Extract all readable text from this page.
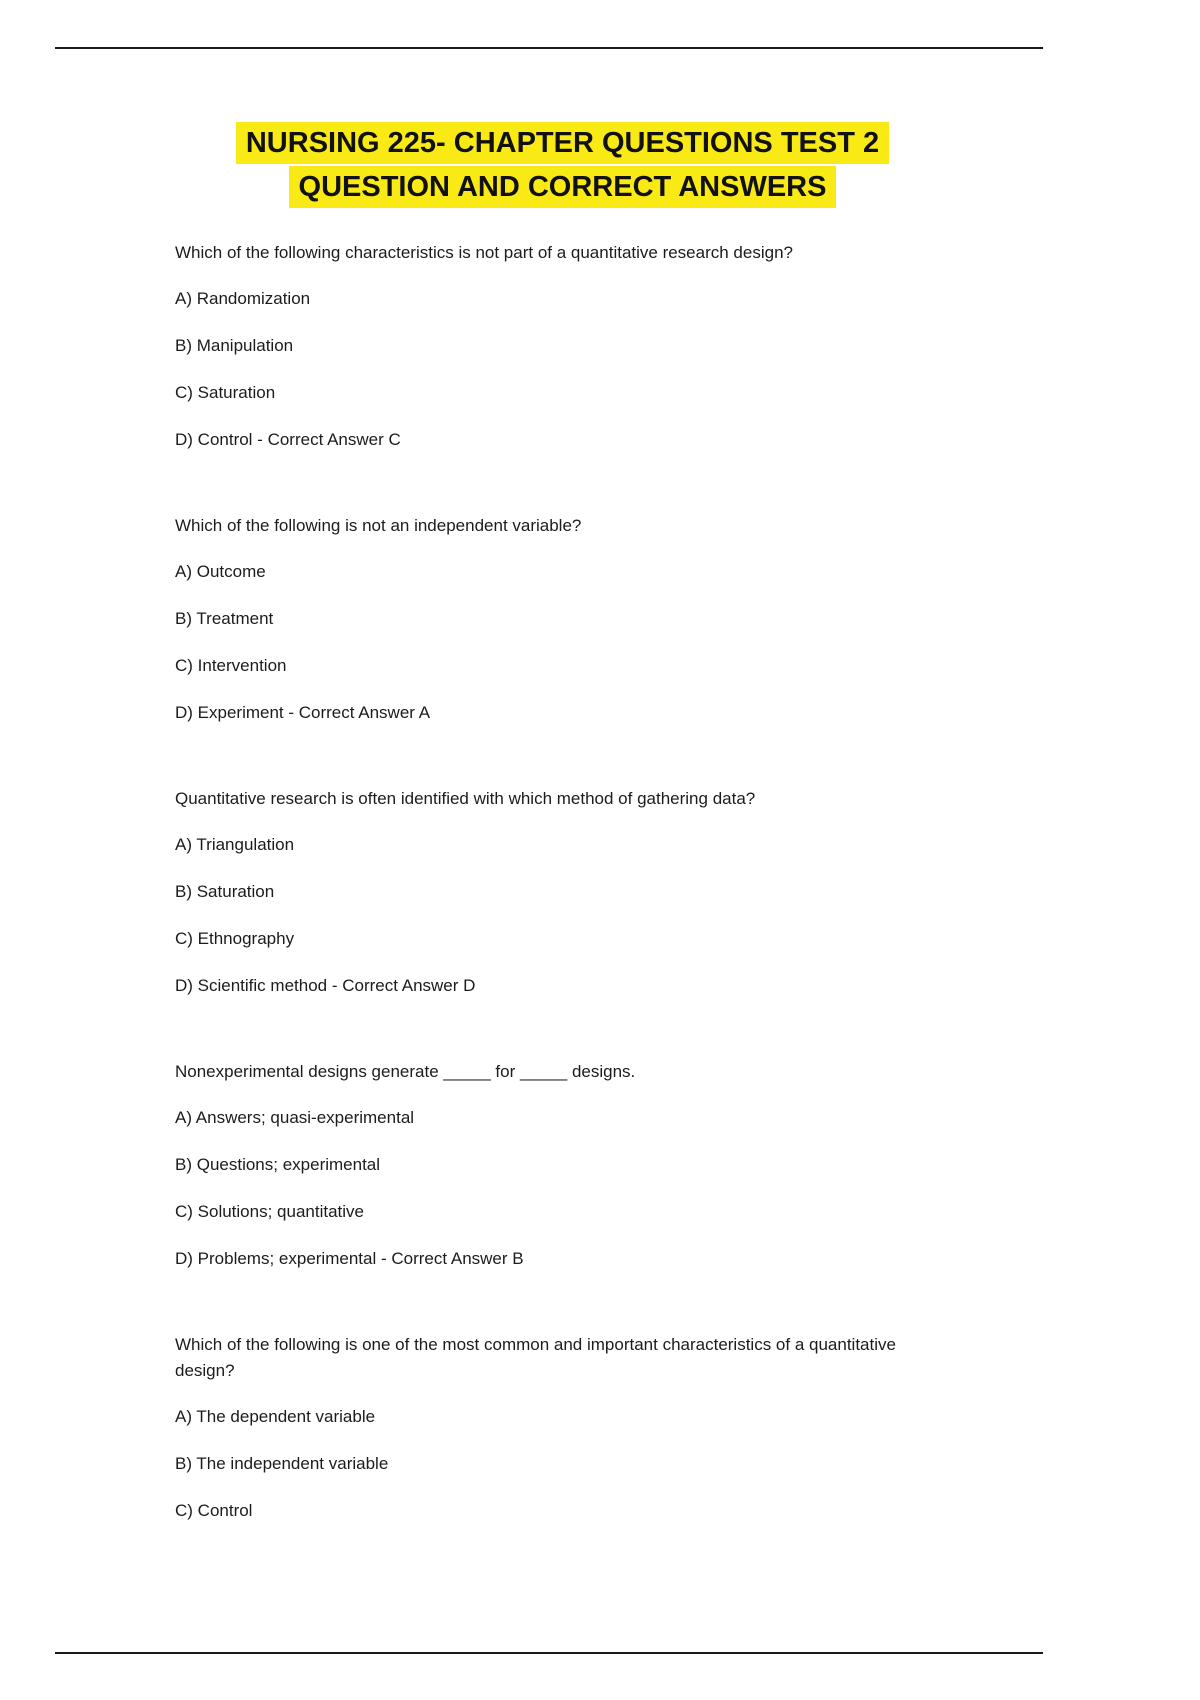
NURSING 225- CHAPTER QUESTIONS TEST 2
QUESTION AND CORRECT ANSWERS

Which of the following characteristics is not part of a quantitative research design?

A) Randomization

B) Manipulation

C) Saturation

D) Control - Correct Answer C

Which of the following is not an independent variable?

A) Outcome

B) Treatment

C) Intervention

D) Experiment - Correct Answer A

Quantitative research is often identified with which method of gathering data?

A) Triangulation

B) Saturation

C) Ethnography

D) Scientific method - Correct Answer D

Nonexperimental designs generate _____ for _____ designs.

A) Answers; quasi-experimental

B) Questions; experimental

C) Solutions; quantitative

D) Problems; experimental - Correct Answer B

Which of the following is one of the most common and important characteristics of a quantitative design?

A) The dependent variable

B) The independent variable

C) Control
